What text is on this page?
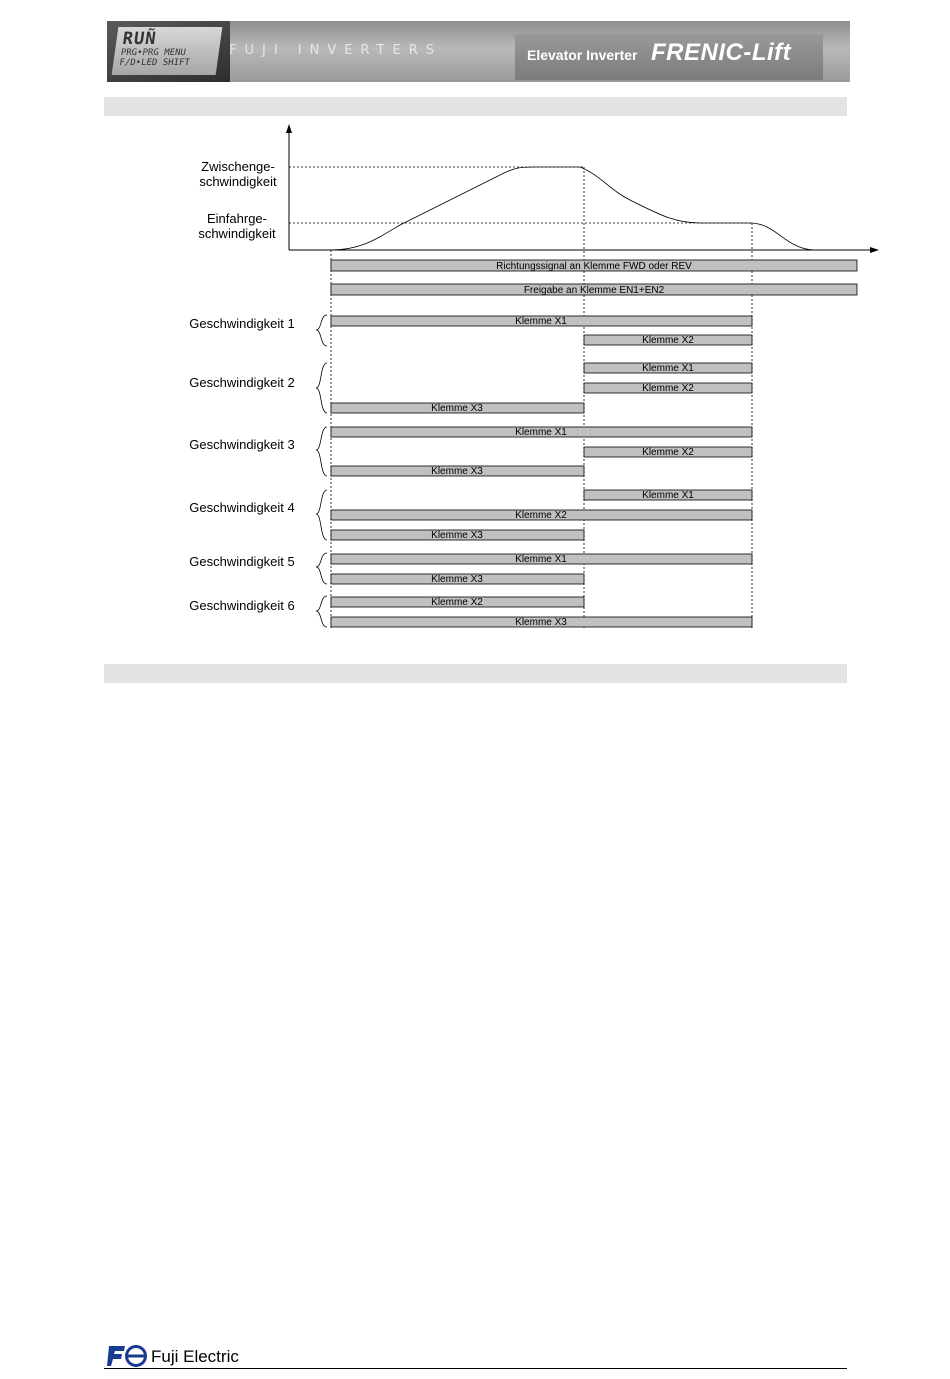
RUÑ
PRG•PRG MENU
F/D•LED SHIFT
FUJI INVERTERS	Elevator Inverter FRENIC-Lift
Zwischenge-
schwindigkeit
Einfahrge-
schwindigkeit
Richtungssignal an Klemme FWD oder REV
Freigabe an Klemme EN1+EN2
Geschwindigkeit 1	Klemme X1
Klemme X2
Geschwindigkeit 2
Klemme X1
Klemme X2
Klemme X3
Geschwindigkeit 3
Klemme X1
Klemme X2
Klemme X3
Geschwindigkeit 4
Klemme X1
Klemme X2
Klemme X3
Geschwindigkeit 5	Klemme X1
Klemme X3
Geschwindigkeit 6	Klemme X2
Klemme X3
Fuji Electric
